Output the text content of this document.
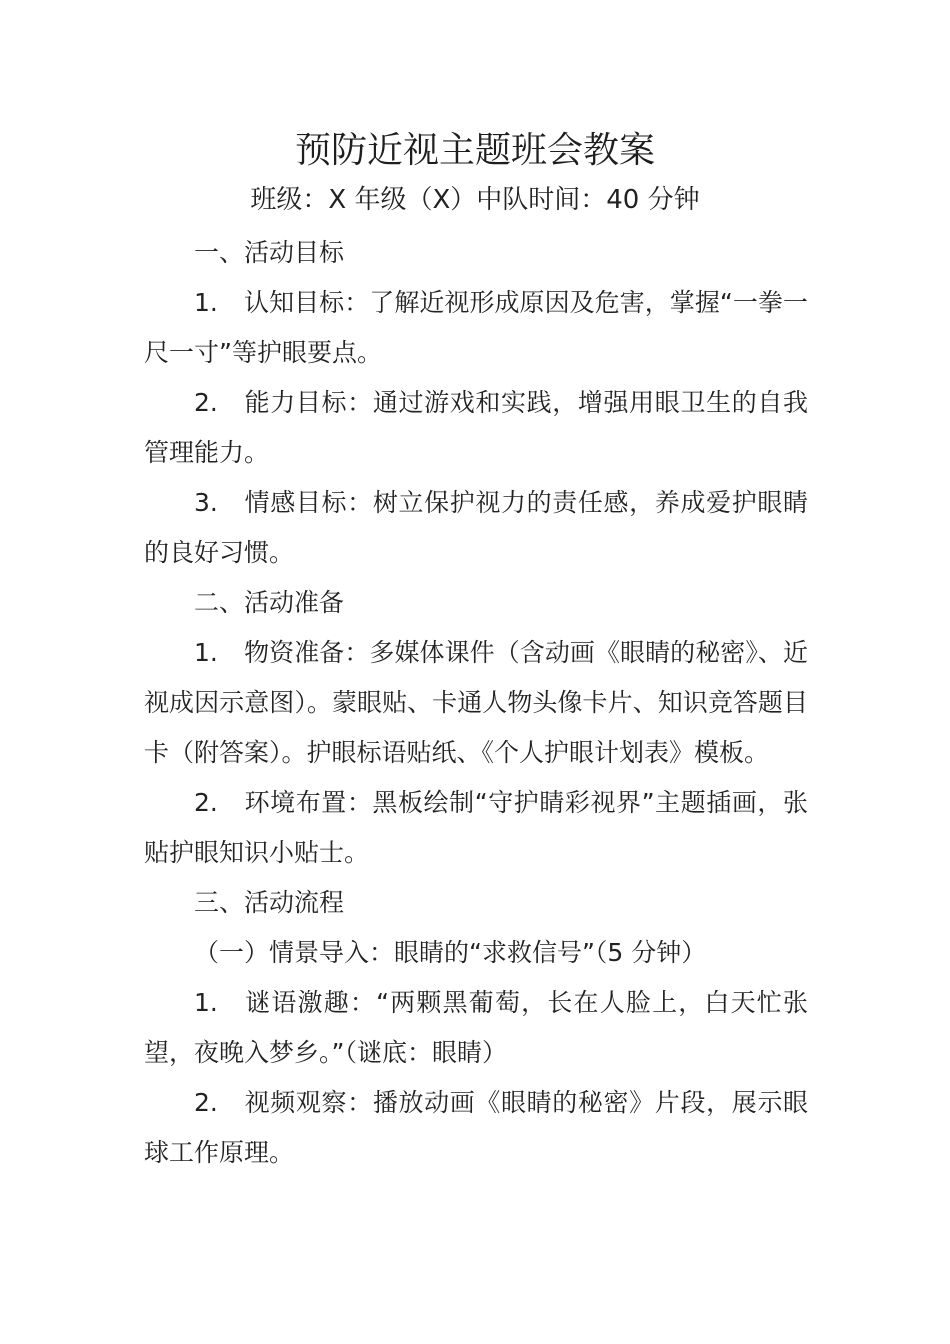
预防近视主题班会教案
班级：X 年级（X）中队时间：40 分钟

一、活动目标

1. 认知目标：了解近视形成原因及危害，掌握“一拳一尺一寸”等护眼要点。

2. 能力目标：通过游戏和实践，增强用眼卫生的自我管理能力。

3. 情感目标：树立保护视力的责任感，养成爱护眼睛的良好习惯。

二、活动准备

1. 物资准备：多媒体课件（含动画《眼睛的秘密》、近视成因示意图）。蒙眼贴、卡通人物头像卡片、知识竞答题目卡（附答案）。护眼标语贴纸、《个人护眼计划表》模板。

2. 环境布置：黑板绘制“守护睛彩视界”主题插画，张贴护眼知识小贴士。

三、活动流程

（一）情景导入：眼睛的“求救信号”（5 分钟）

1. 谜语激趣：“两颗黑葡萄，长在人脸上，白天忙张望，夜晚入梦乡。”（谜底：眼睛）

2. 视频观察：播放动画《眼睛的秘密》片段，展示眼球工作原理。
